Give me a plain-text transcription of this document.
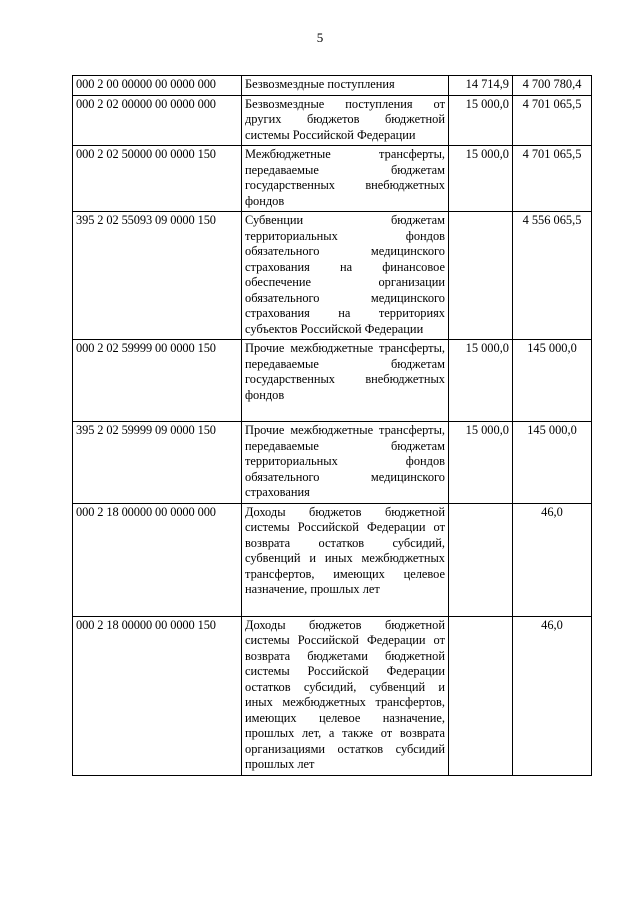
5
000 2 00 00000 00 0000 000	Безвозмездные поступления	14 714,9	4 700 780,4
000 2 02 00000 00 0000 000	Безвозмездные поступления от других бюджетов бюджетной системы Российской Федерации	15 000,0	4 701 065,5
000 2 02 50000 00 0000 150	Межбюджетные трансферты, передаваемые бюджетам государственных внебюджетных фондов	15 000,0	4 701 065,5
395 2 02 55093 09 0000 150	Субвенции бюджетам территориальных фондов обязательного медицинского страхования на финансовое обеспечение организации обязательного медицинского страхования на территориях субъектов Российской Федерации		4 556 065,5
000 2 02 59999 00 0000 150	Прочие межбюджетные трансферты, передаваемые бюджетам государственных внебюджетных фондов	15 000,0	145 000,0
395 2 02 59999 09 0000 150	Прочие межбюджетные трансферты, передаваемые бюджетам территориальных фондов обязательного медицинского страхования	15 000,0	145 000,0
000 2 18 00000 00 0000 000	Доходы бюджетов бюджетной системы Российской Федерации от возврата остатков субсидий, субвенций и иных межбюджетных трансфертов, имеющих целевое назначение, прошлых лет		46,0
000 2 18 00000 00 0000 150	Доходы бюджетов бюджетной системы Российской Федерации от возврата бюджетами бюджетной системы Российской Федерации остатков субсидий, субвенций и иных межбюджетных трансфертов, имеющих целевое назначение, прошлых лет, а также от возврата организациями остатков субсидий прошлых лет		46,0
